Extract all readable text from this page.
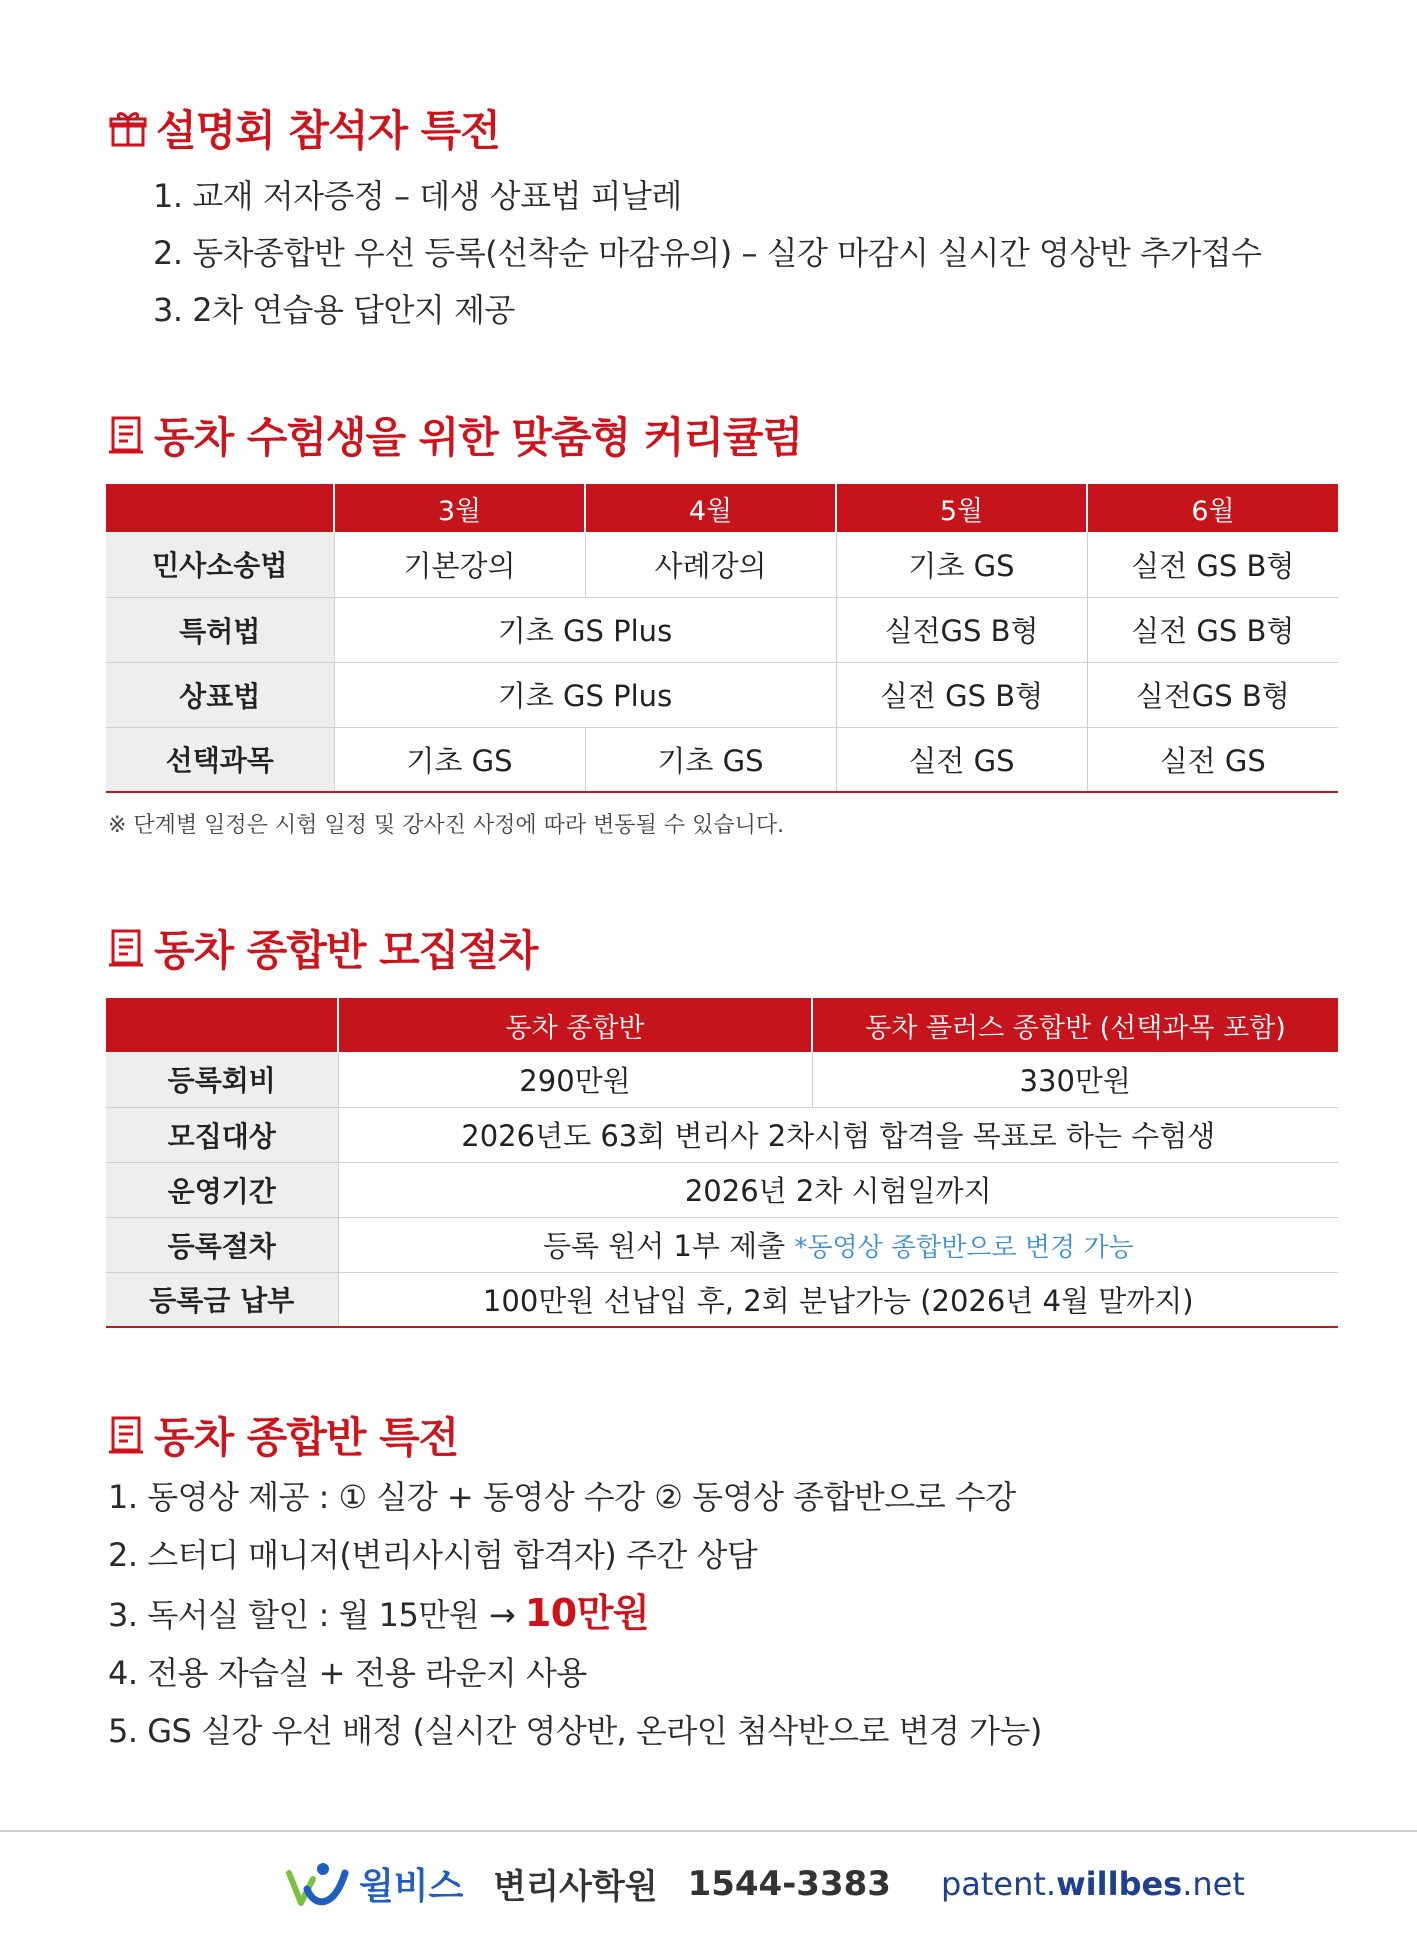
설명회 참석자 특전
1. 교재 저자증정 – 데생 상표법 피날레
2. 동차종합반 우선 등록(선착순 마감유의) – 실강 마감시 실시간 영상반 추가접수
3. 2차 연습용 답안지 제공
동차 수험생을 위한 맞춤형 커리큘럼
	3월	4월	5월	6월
민사소송법	기본강의	사례강의	기초 GS	실전 GS B형
특허법	기초 GS Plus		실전GS B형	실전 GS B형
상표법	기초 GS Plus		실전 GS B형	실전GS B형
선택과목	기초 GS	기초 GS	실전 GS	실전 GS
※ 단계별 일정은 시험 일정 및 강사진 사정에 따라 변동될 수 있습니다.
동차 종합반 모집절차
	동차 종합반	동차 플러스 종합반 (선택과목 포함)
등록회비	290만원	330만원
모집대상	2026년도 63회 변리사 2차시험 합격을 목표로 하는 수험생	
운영기간	2026년 2차 시험일까지	
등록절차	등록 원서 1부 제출 *동영상 종합반으로 변경 가능	
등록금 납부	100만원 선납입 후, 2회 분납가능 (2026년 4월 말까지)	
동차 종합반 특전
1. 동영상 제공 : ① 실강 + 동영상 수강 ② 동영상 종합반으로 수강
2. 스터디 매니저(변리사시험 합격자) 주간 상담
3. 독서실 할인 : 월 15만원 → 10만원
4. 전용 자습실 + 전용 라운지 사용
5. GS 실강 우선 배정 (실시간 영상반, 온라인 첨삭반으로 변경 가능)
윌비스 변리사학원 1544-3383 patent.willbes.net
